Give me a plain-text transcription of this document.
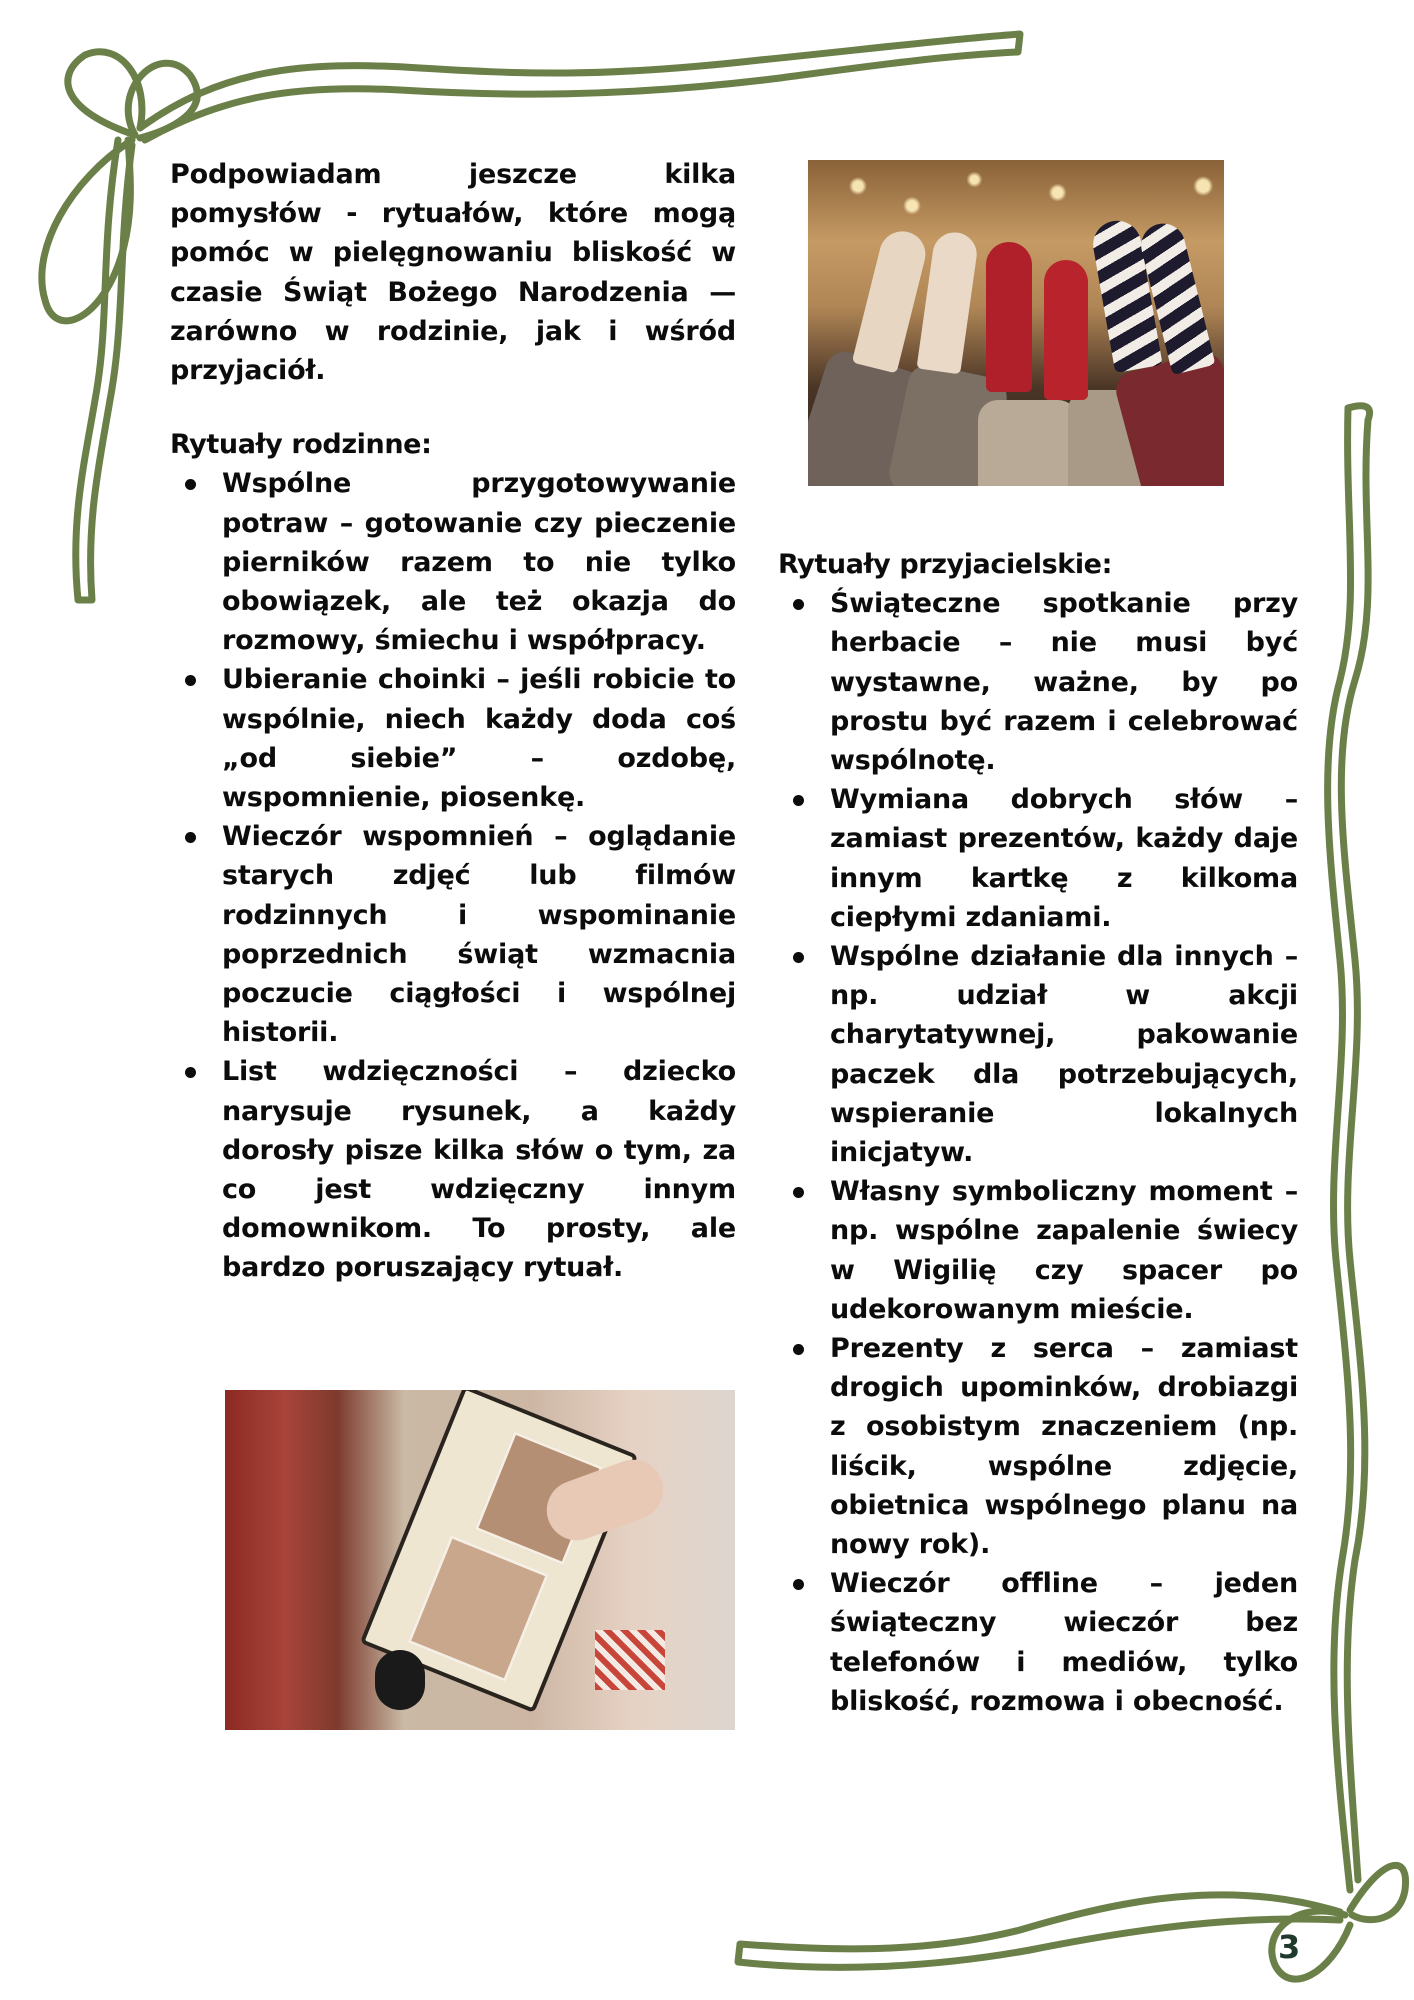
Podpowiadam jeszcze kilka pomysłów - rytuałów, które mogą pomóc w pielęgnowaniu bliskość w czasie Świąt Bożego Narodzenia — zarówno w rodzinie, jak i wśród przyjaciół.

Rytuały rodzinne:

Wspólne przygotowywanie potraw – gotowanie czy pieczenie pierników razem to nie tylko obowiązek, ale też okazja do rozmowy, śmiechu i współpracy.
Ubieranie choinki – jeśli robicie to wspólnie, niech każdy doda coś „od siebie” – ozdobę, wspomnienie, piosenkę.
Wieczór wspomnień – oglądanie starych zdjęć lub filmów rodzinnych i wspominanie poprzednich świąt wzmacnia poczucie ciągłości i wspólnej historii.
List wdzięczności – dziecko narysuje rysunek, a każdy dorosły pisze kilka słów o tym, za co jest wdzięczny innym domownikom. To prosty, ale bardzo poruszający rytuał.

Rytuały przyjacielskie:

Świąteczne spotkanie przy herbacie – nie musi być wystawne, ważne, by po prostu być razem i celebrować wspólnotę.
Wymiana dobrych słów – zamiast prezentów, każdy daje innym kartkę z kilkoma ciepłymi zdaniami.
Wspólne działanie dla innych – np. udział w akcji charytatywnej, pakowanie paczek dla potrzebujących, wspieranie lokalnych inicjatyw.
Własny symboliczny moment – np. wspólne zapalenie świecy w Wigilię czy spacer po udekorowanym mieście.
Prezenty z serca – zamiast drogich upominków, drobiazgi z osobistym znaczeniem (np. liścik, wspólne zdjęcie, obietnica wspólnego planu na nowy rok).
Wieczór offline – jeden świąteczny wieczór bez telefonów i mediów, tylko bliskość, rozmowa i obecność.
3
